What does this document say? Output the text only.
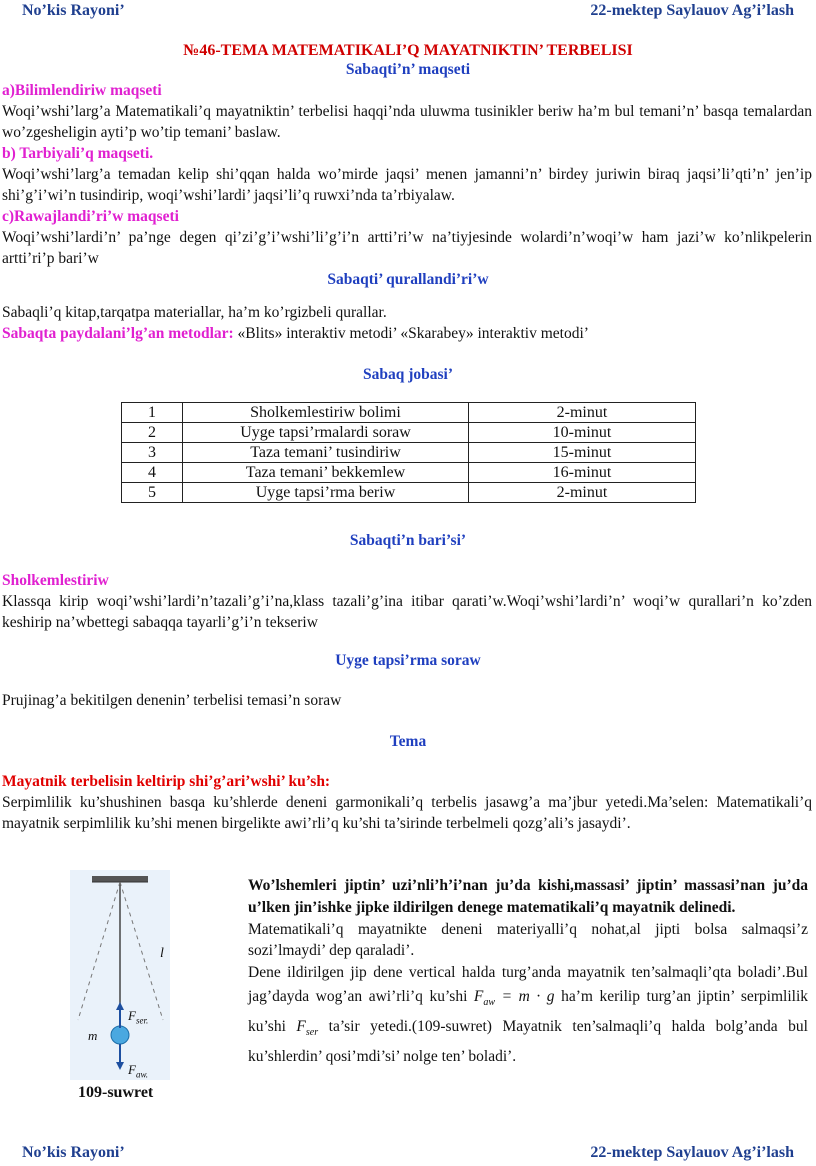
No’kis Rayoni’	22-mektep Saylauov Ag’i’lash
№46-TEMA MATEMATIKALI’Q MAYATNIKTIN’ TERBELISI
Sabaqti’n’ maqseti
a)Bilimlendiriw maqseti

Woqi’wshi’larg’a Matematikali’q mayatniktin’ terbelisi haqqi’nda uluwma tusinikler beriw ha’m bul temani’n’ basqa temalardan wo’zgesheligin ayti’p wo’tip temani’ baslaw.

b) Tarbiyali’q maqseti.

Woqi’wshi’larg’a temadan kelip shi’qqan halda wo’mirde jaqsi’ menen jamanni’n’ birdey juriwin biraq jaqsi’li’qti’n’ jen’ip shi’g’i’wi’n tusindirip, woqi’wshi’lardi’ jaqsi’li’q ruwxi’nda ta’rbiyalaw.

c)Rawajlandi’ri’w maqseti

Woqi’wshi’lardi’n’ pa’nge degen qi’zi’g’i’wshi’li’g’i’n artti’ri’w na’tiyjesinde wolardi’n’woqi’w ham jazi’w ko’nlikpelerin artti’ri’p bari’w

Sabaqti’ qurallandi’ri’w

Sabaqli’q kitap,tarqatpa materiallar, ha’m ko’rgizbeli qurallar.

Sabaqta paydalani’lg’an metodlar: «Blits» interaktiv metodi’ «Skarabey» interaktiv metodi’

Sabaq jobasi’
1	Sholkemlestiriw bolimi	2-minut
2	Uyge tapsi’rmalardi soraw	10-minut
3	Taza temani’ tusindiriw	15-minut
4	Taza temani’ bekkemlew	16-minut
5	Uyge tapsi’rma beriw	2-minut
Sabaqti’n bari’si’
Sholkemlestiriw

Klassqa kirip woqi’wshi’lardi’n’tazali’g’i’na,klass tazali’g’ina itibar qarati’w.Woqi’wshi’lardi’n’ woqi’w qurallari’n ko’zden keshirip na’wbettegi sabaqqa tayarli’g’i’n tekseriw

Uyge tapsi’rma soraw

Prujinag’a bekitilgen denenin’ terbelisi temasi’n soraw

Tema
Mayatnik terbelisin keltirip shi’g’ari’wshi’ ku’sh:

Serpimlilik ku’shushinen basqa ku’shlerde deneni garmonikali’q terbelis jasawg’a ma’jbur yetedi.Ma’selen: Matematikali’q mayatnik serpimlilik ku’shi menen birgelikte awi’rli’q ku’shi ta’sirinde terbelmeli qozg’ali’s jasaydi’.

l
m
$F_{ser.}$
$F_{aw.}$
109-suwret

Wo’lshemleri jiptin’ uzi’nli’h’i’nan ju’da kishi,massasi’ jiptin’ massasi’nan ju’da u’lken jin’ishke jipke ildirilgen denege matematikali’q mayatnik delinedi.

Matematikali’q mayatnikte deneni materiyalli’q nohat,al jipti bolsa salmaqsi’z sozi’lmaydi’ dep qaraladi’.

Dene ildirilgen jip dene vertical halda turg’anda mayatnik ten’salmaqli’qta boladi’.Bul jag’dayda wog’an awi’rli’q ku’shi $F_{aw} = m \cdot g$ ha’m kerilip turg’an jiptin’ serpimlilik ku’shi $F_{ser}$ ta’sir yetedi.(109-suwret) Mayatnik ten’salmaqli’q halda bolg’anda bul ku’shlerdin’ qosi’mdi’si’ nolge ten’ boladi’.

No’kis Rayoni’	22-mektep Saylauov Ag’i’lash
